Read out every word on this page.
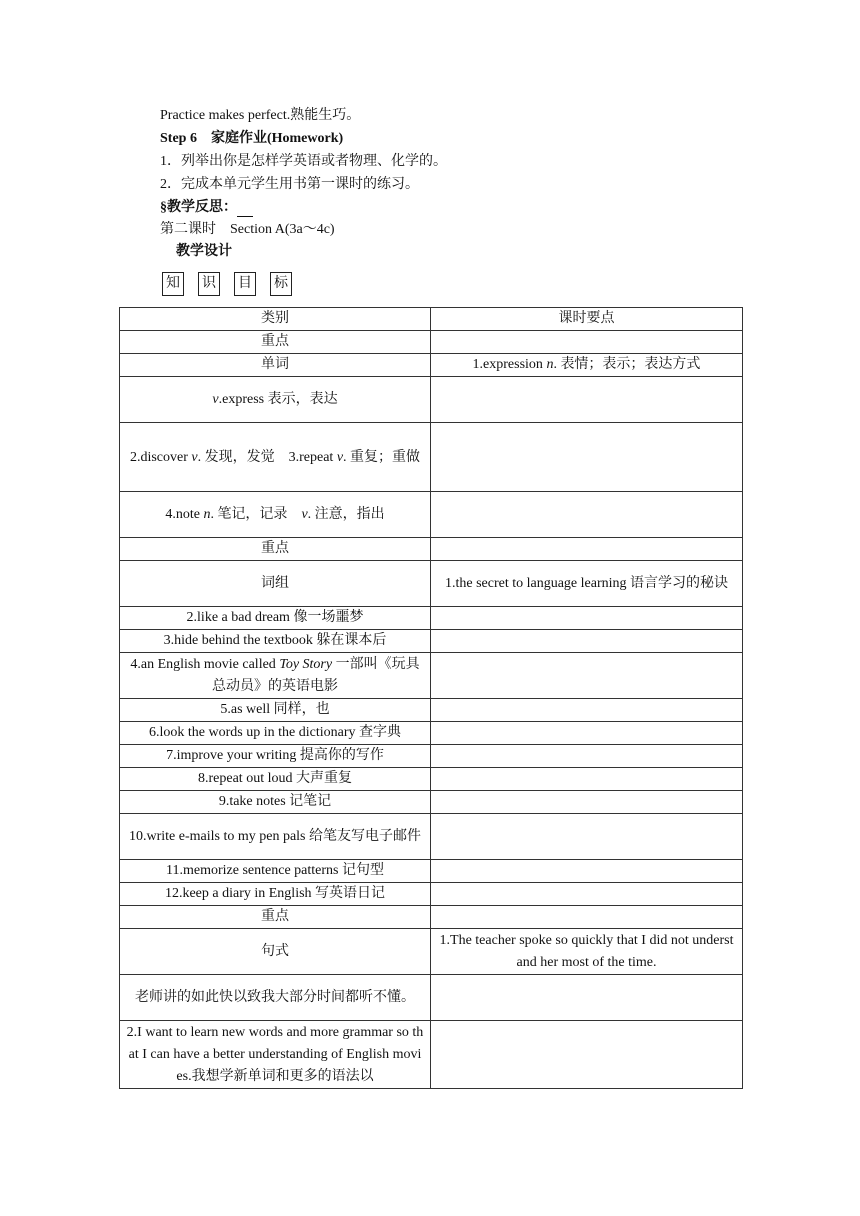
Practice makes perfect.熟能生巧。
Step 6　 家庭作业(Homework)
1．列举出你是怎样学英语或者物理、化学的。
2．完成本单元学生用书第一课时的练习。
§教学反思：
第二课时　 Section A(3a～4c)
教学设计
知 识 目 标
类别	课时要点
重点	
单词	1.expression n. 表情；表示；表达方式
v.express 表示，表达	
2.discover v. 发现，发觉　3.repeat v. 重复；重做	
4.note n. 笔记，记录　v. 注意，指出	
重点	
词组	1.the secret to language learning 语言学习的秘诀
2.like a bad dream 像一场噩梦	
3.hide behind the textbook 躲在课本后	
4.an English movie called Toy Story 一部叫《玩具总动员》的英语电影	
5.as well 同样，也	
6.look the words up in the dictionary 查字典	
7.improve your writing 提高你的写作	
8.repeat out loud 大声重复	
9.take notes 记笔记	
10.write e-mails to my pen pals 给笔友写电子邮件	
11.memorize sentence patterns 记句型	
12.keep a diary in English 写英语日记	
重点	
句式	1.The teacher spoke so quickly that I did not understand her most of the time.
老师讲的如此快以致我大部分时间都听不懂。	
2.I want to learn new words and more grammar so that I can have a better understanding of English movies.我想学新单词和更多的语法以	
